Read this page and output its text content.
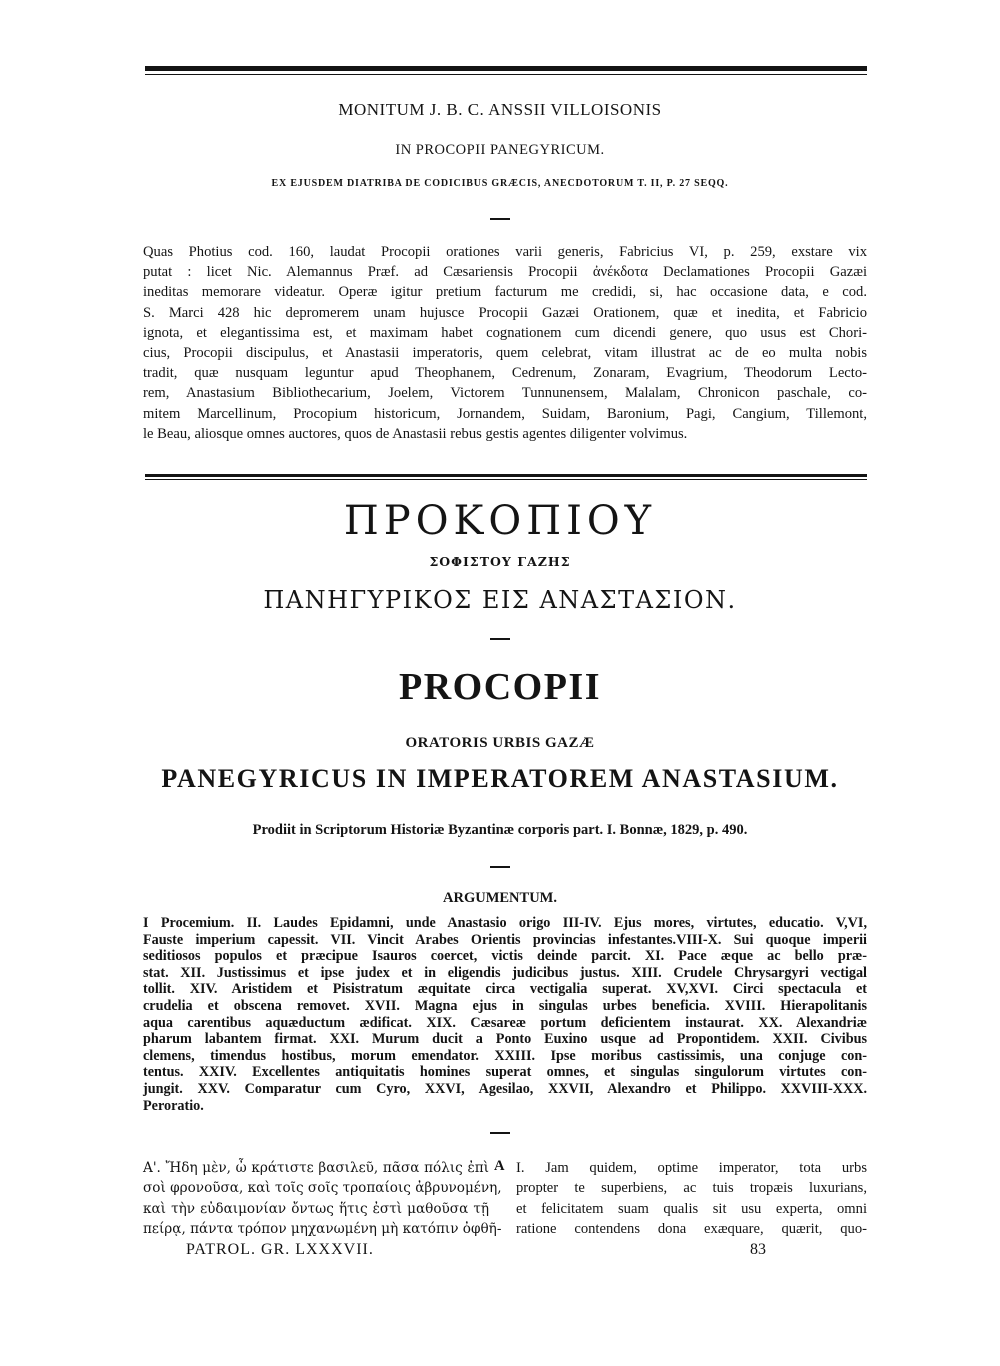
MONITUM J. B. C. ANSSII VILLOISONIS
IN PROCOPII PANEGYRICUM.
EX EJUSDEM DIATRIBA DE CODICIBUS GRÆCIS, ANECDOTORUM T. II, P. 27 SEQQ.
Quas Photius cod. 160, laudat Procopii orationes varii generis, Fabricius VI, p. 259, exstare vix
putat : licet Nic. Alemannus Præf. ad Cæsariensis Procopii ἀνέκδοτα Declamationes Procopii Gazæi
ineditas memorare videatur. Operæ igitur pretium facturum me credidi, si, hac occasione data, e cod.
S. Marci 428 hic depromerem unam hujusce Procopii Gazæi Orationem, quæ et inedita, et Fabricio
ignota, et elegantissima est, et maximam habet cognationem cum dicendi genere, quo usus est Chori-
cius, Procopii discipulus, et Anastasii imperatoris, quem celebrat, vitam illustrat ac de eo multa nobis
tradit, quæ nusquam leguntur apud Theophanem, Cedrenum, Zonaram, Evagrium, Theodorum Lecto-
rem, Anastasium Bibliothecarium, Joelem, Victorem Tunnunensem, Malalam, Chronicon paschale, co-
mitem Marcellinum, Procopium historicum, Jornandem, Suidam, Baronium, Pagi, Cangium, Tillemont,
le Beau, aliosque omnes auctores, quos de Anastasii rebus gestis agentes diligenter volvimus.
ΠΡΟΚΟΠΙΟΥ
ΣΟΦΙΣΤΟΥ ΓΑΖΗΣ
ΠΑΝΗΓΥΡΙΚΟΣ ΕΙΣ ΑΝΑΣΤΑΣΙΟΝ.
PROCOPII
ORATORIS URBIS GAZÆ
PANEGYRICUS IN IMPERATOREM ANASTASIUM.
Prodiit in Scriptorum Historiæ Byzantinæ corporis part. I. Bonnæ, 1829, p. 490.
ARGUMENTUM.
I Procemium. II. Laudes Epidamni, unde Anastasio origo III-IV. Ejus mores, virtutes, educatio. V,VI,
Fauste imperium capessit. VII. Vincit Arabes Orientis provincias infestantes.VIII-X. Sui quoque imperii
seditiosos populos et præcipue Isauros coercet, victis deinde parcit. XI. Pace æque ac bello præ-
stat. XII. Justissimus et ipse judex et in eligendis judicibus justus. XIII. Crudele Chrysargyri vectigal
tollit. XIV. Aristidem et Pisistratum æquitate circa vectigalia superat. XV,XVI. Circi spectacula et
crudelia et obscena removet. XVII. Magna ejus in singulas urbes beneficia. XVIII. Hierapolitanis
aqua carentibus aquæductum ædificat. XIX. Cæsareæ portum deficientem instaurat. XX. Alexandriæ
pharum labantem firmat. XXI. Murum ducit a Ponto Euxino usque ad Propontidem. XXII. Civibus
clemens, timendus hostibus, morum emendator. XXIII. Ipse moribus castissimis, una conjuge con-
tentus. XXIV. Excellentes antiquitatis homines superat omnes, et singulas singulorum virtutes con-
jungit. XXV. Comparatur cum Cyro, XXVI, Agesilao, XXVII, Alexandro et Philippo. XXVIII-XXX.
Peroratio.
Α'. Ἤδη μὲν, ὦ κράτιστε βασιλεῦ, πᾶσα πόλις ἐπὶ
σοὶ φρονοῦσα, καὶ τοῖς σοῖς τροπαίοις ἀβρυνομένη,
καὶ τὴν εὐδαιμονίαν ὄντως ἥτις ἐστὶ μαθοῦσα τῇ
πείρᾳ, πάντα τρόπον μηχανωμένη μὴ κατόπιν ὀφθῆ-
A I. Jam quidem, optime imperator, tota urbs
propter te superbiens, ac tuis tropæis luxurians,
et felicitatem suam qualis sit usu experta, omni
ratione contendens dona exæquare, quærit, quo-
PATROL. GR. LXXXVII.	83
